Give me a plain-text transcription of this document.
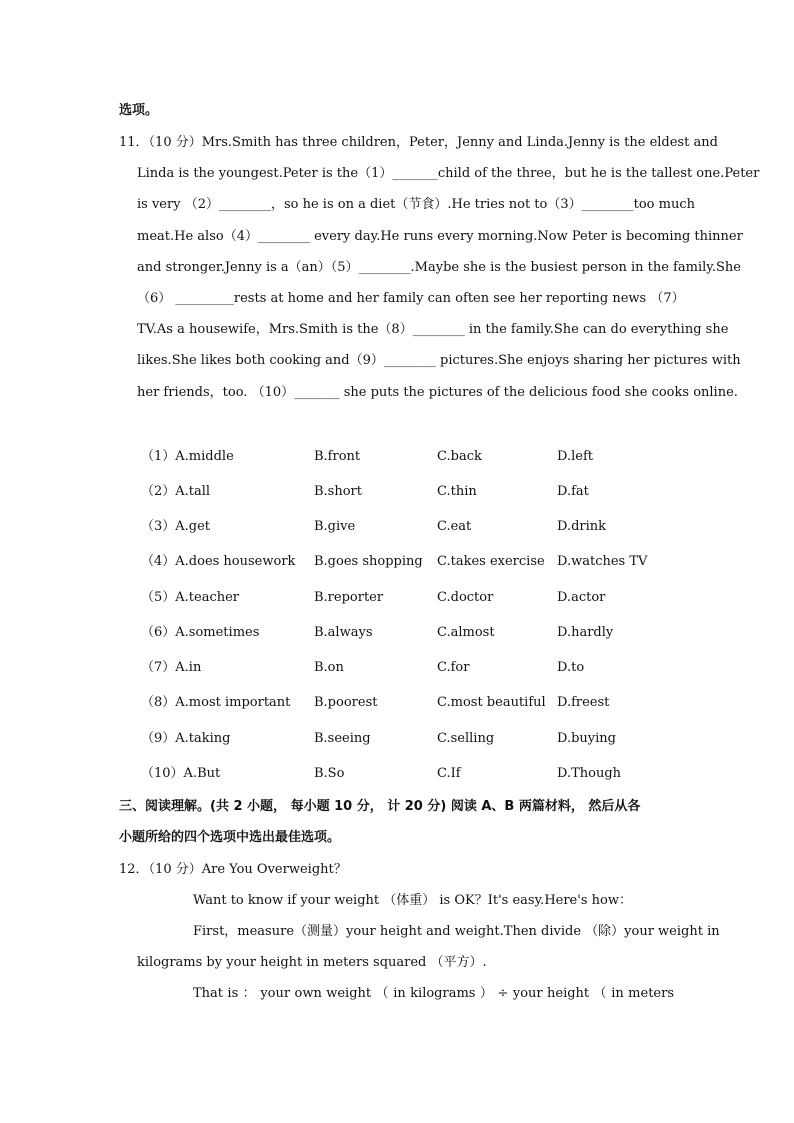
选项。
11．（10 分）Mrs.Smith has three children，Peter，Jenny and Linda.Jenny is the eldest and
Linda is the youngest.Peter is the（1）_______child of the three，but he is the tallest one.Peter
is very （2）________，so he is on a diet（节食）.He tries not to（3）________too much
meat.He also（4）________ every day.He runs every morning.Now Peter is becoming thinner
and stronger.Jenny is a（an）（5）________.Maybe she is the busiest person in the family.She
（6） _________rests at home and her family can often see her reporting news （7）
TV.As a housewife，Mrs.Smith is the（8）________ in the family.She can do everything she
likes.She likes both cooking and（9）________ pictures.She enjoys sharing her pictures with
her friends，too. （10）_______ she puts the pictures of the delicious food she cooks online.
（1）A.middle	B.front	C.back	D.left
（2）A.tall	B.short	C.thin	D.fat
（3）A.get	B.give	C.eat	D.drink
（4）A.does housework B.goes shopping C.takes exercise D.watches TV
（5）A.teacher	B.reporter	C.doctor	D.actor
（6）A.sometimes	B.always	C.almost	D.hardly
（7）A.in	B.on	C.for	D.to
（8）A.most important B.poorest	C.most beautiful D.freest
（9）A.taking	B.seeing	C.selling	D.buying
（10）A.But	B.So	C.If	D.Though
三、阅读理解。(共 2 小题， 每小题 10 分， 计 20 分) 阅读 A、B 两篇材料， 然后从各
小题所给的四个选项中选出最佳选项。
12．（10 分）Are You Overweight？
Want to know if your weight （体重） is OK？It's easy.Here's how：
First，measure（测量）your height and weight.Then divide （除）your weight in
kilograms by your height in meters squared （平方）.
That is ： your own weight （ in kilograms ） ÷ your height （ in meters
